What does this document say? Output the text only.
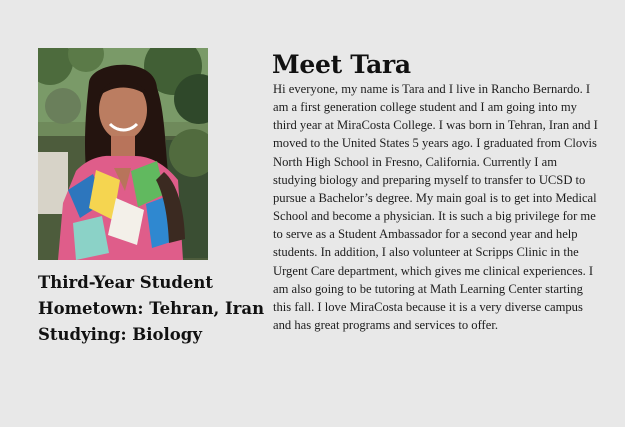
Third-Year Student
Hometown: Tehran, Iran
Studying: Biology
Meet Tara
Hi everyone, my name is Tara and I live in Rancho Bernardo. I
am a first generation college student and I am going into my
third year at MiraCosta College. I was born in Tehran, Iran and I
moved to the United States 5 years ago. I graduated from Clovis
North High School in Fresno, California. Currently I am
studying biology and preparing myself to transfer to UCSD to
pursue a Bachelor’s degree. My main goal is to get into Medical
School and become a physician. It is such a big privilege for me
to serve as a Student Ambassador for a second year and help
students. In addition, I also volunteer at Scripps Clinic in the
Urgent Care department, which gives me clinical experiences. I
am also going to be tutoring at Math Learning Center starting
this fall. I love MiraCosta because it is a very diverse campus
and has great programs and services to offer.
